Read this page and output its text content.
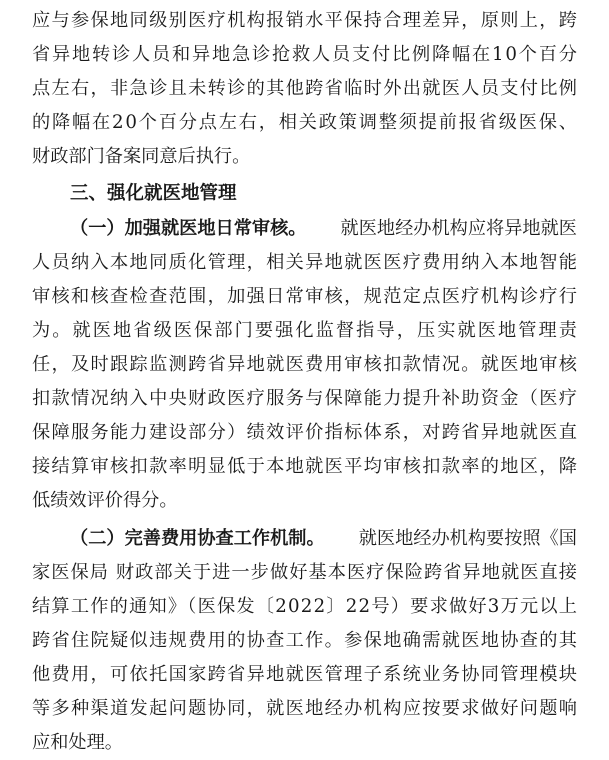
应与参保地同级别医疗机构报销水平保持合理差异，原则上，跨
省异地转诊人员和异地急诊抢救人员支付比例降幅在10个百分
点左右，非急诊且未转诊的其他跨省临时外出就医人员支付比例
的降幅在20个百分点左右，相关政策调整须提前报省级医保、
财政部门备案同意后执行。
三、强化就医地管理
（一）加强就医地日常审核。 就医地经办机构应将异地就医
人员纳入本地同质化管理，相关异地就医医疗费用纳入本地智能
审核和核查检查范围，加强日常审核，规范定点医疗机构诊疗行
为。就医地省级医保部门要强化监督指导，压实就医地管理责
任，及时跟踪监测跨省异地就医费用审核扣款情况。就医地审核
扣款情况纳入中央财政医疗服务与保障能力提升补助资金（医疗
保障服务能力建设部分）绩效评价指标体系，对跨省异地就医直
接结算审核扣款率明显低于本地就医平均审核扣款率的地区，降
低绩效评价得分。
（二）完善费用协查工作机制。 就医地经办机构要按照《国
家医保局 财政部关于进一步做好基本医疗保险跨省异地就医直接
结算工作的通知》（医保发〔2022〕22号）要求做好3万元以上
跨省住院疑似违规费用的协查工作。参保地确需就医地协查的其
他费用，可依托国家跨省异地就医管理子系统业务协同管理模块
等多种渠道发起问题协同，就医地经办机构应按要求做好问题响
应和处理。
